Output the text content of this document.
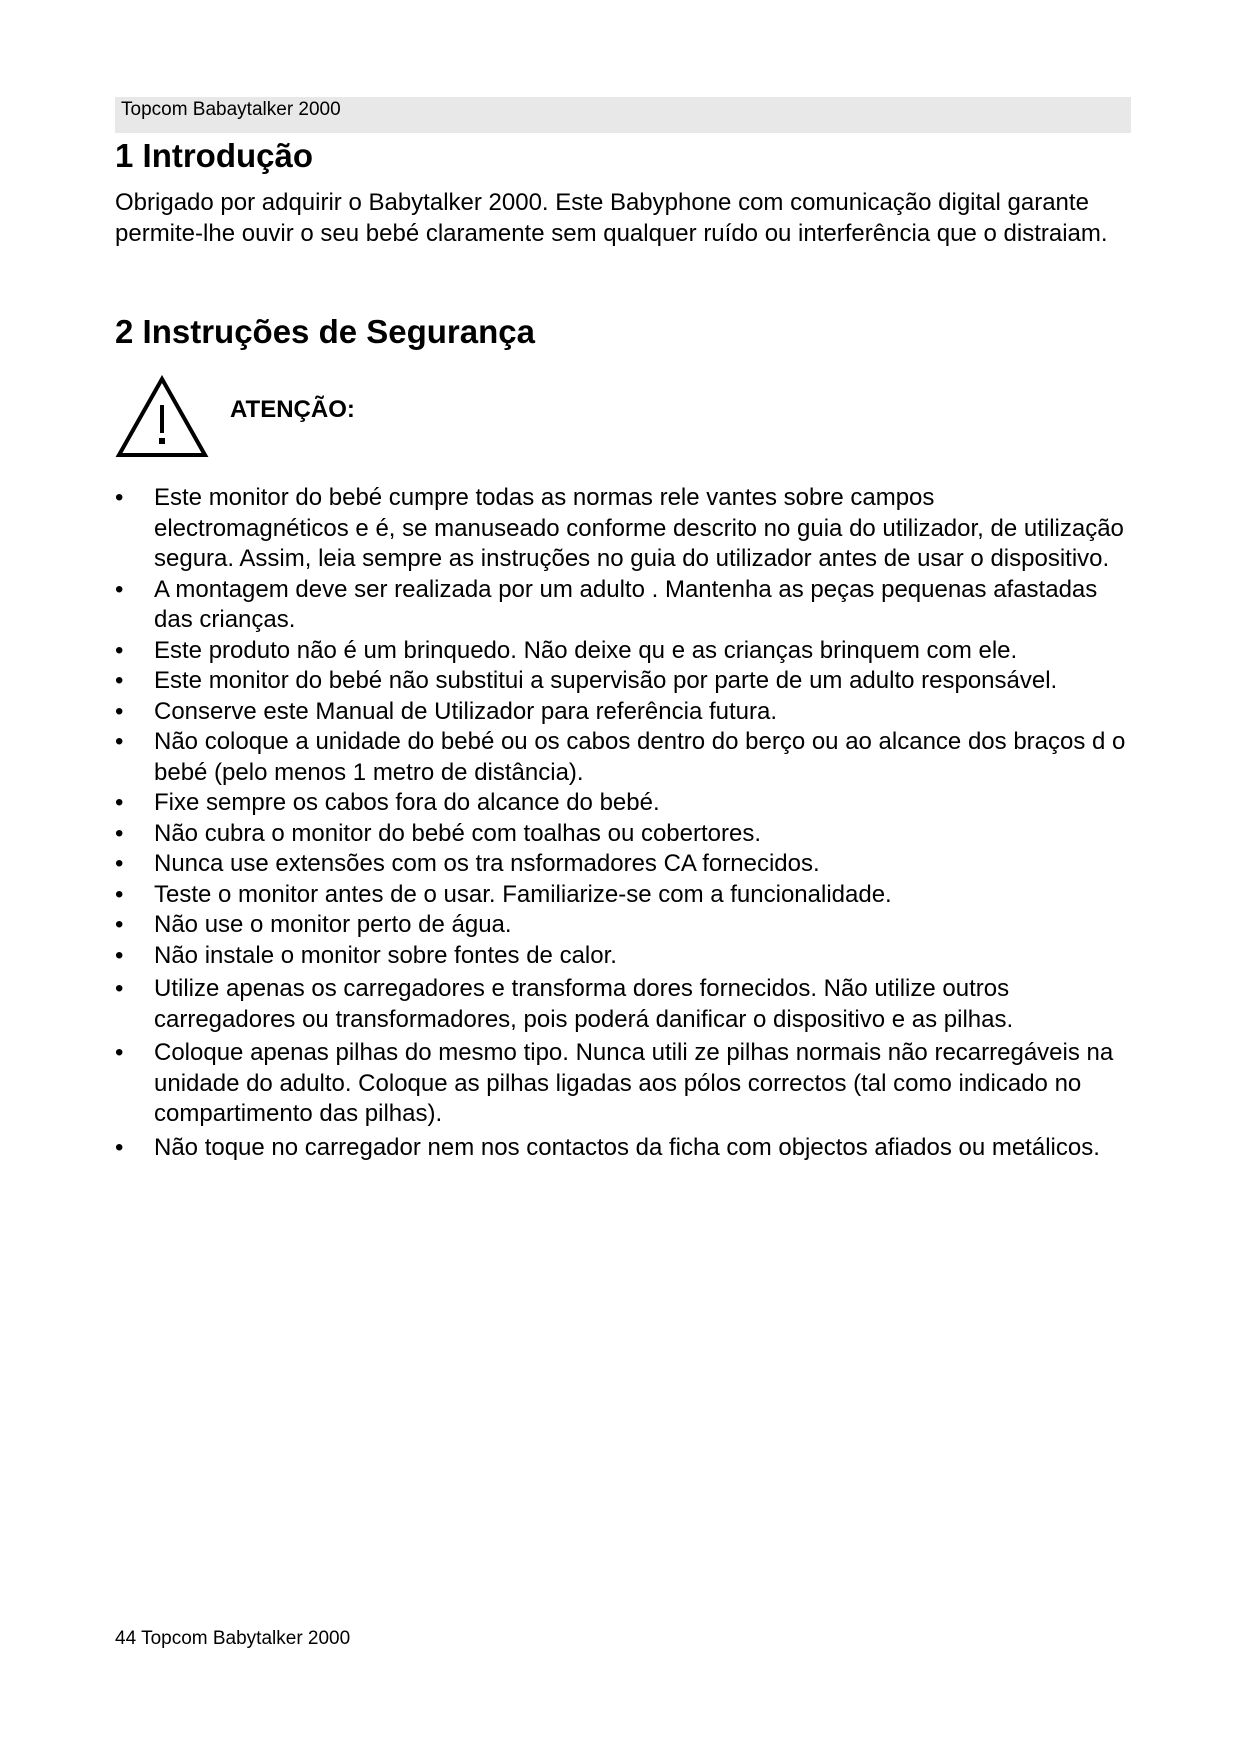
Topcom Babaytalker 2000
1 Introdução

Obrigado por adquirir o Babytalker 2000. Este Babyphone com comunicação digital garante permite-lhe ouvir o seu bebé claramente sem qualquer ruído ou interferência que o distraiam.

2 Instruções de Segurança
ATENÇÃO:
• Este monitor do bebé cumpre todas as normas rele vantes sobre campos electromagnéticos e é, se manuseado conforme descrito no guia do utilizador, de utilização segura. Assim, leia sempre as instruções no guia do utilizador antes de usar o dispositivo.
• A montagem deve ser realizada por um adulto . Mantenha as peças pequenas afastadas das crianças.
• Este produto não é um brinquedo. Não deixe qu e as crianças brinquem com ele.
• Este monitor do bebé não substitui a supervisão por parte de um adulto responsável.
• Conserve este Manual de Utilizador para referência futura.
• Não coloque a unidade do bebé ou os cabos dentro do berço ou ao alcance dos braços d o bebé (pelo menos 1 metro de distância).
• Fixe sempre os cabos fora do alcance do bebé.
• Não cubra o monitor do bebé com toalhas ou cobertores.
• Nunca use extensões com os tra nsformadores CA fornecidos.
• Teste o monitor antes de o usar. Familiarize-se com a funcionalidade.
• Não use o monitor perto de água.
• Não instale o monitor sobre fontes de calor.
• Utilize apenas os carregadores e transforma dores fornecidos. Não utilize outros carregadores ou transformadores, pois poderá danificar o dispositivo e as pilhas.
• Coloque apenas pilhas do mesmo tipo. Nunca utili ze pilhas normais não recarregáveis na unidade do adulto. Coloque as pilhas ligadas aos pólos correctos (tal como indicado no compartimento das pilhas).
• Não toque no carregador nem nos contactos da ficha com objectos afiados ou metálicos.
44 Topcom Babytalker 2000
